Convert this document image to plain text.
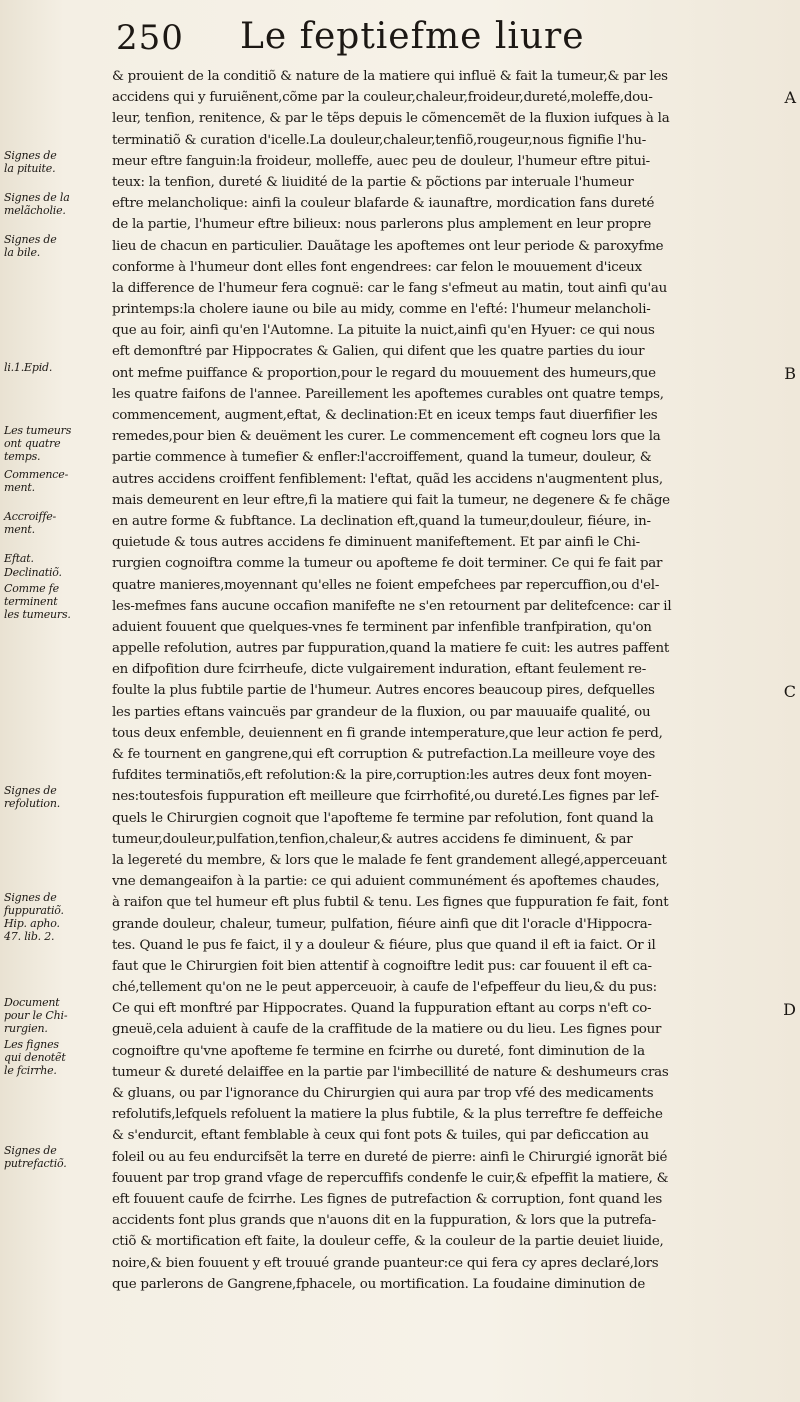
250 Le feptiefme liure
Signes de
la pituite.
Signes de la
melãcholie.
Signes de
la bile.
li.1.Epid.
Les tumeurs
ont quatre
temps.
Commence-
ment.
Accroiffe-
ment.
Eftat.
Declinatiõ.
Comme fe
terminent
les tumeurs.
Signes de
refolution.
Signes de
fuppuratiõ.
Hip. apho.
47. lib. 2.
Document
pour le Chi-
rurgien.
Les fignes
qui denotẽt
le fcirrhe.
Signes de
putrefactiõ.
A
B
C
D
& prouient de la conditiõ & nature de la matiere qui influë & fait la tumeur,& par les
accidens qui y furuiẽnent,cõme par la couleur,chaleur,froideur,dureté,moleffe,dou-
leur, tenfion, renitence, & par le tẽps depuis le cõmencemẽt de la fluxion iufques à la
terminatiõ & curation d'icelle.La douleur,chaleur,tenfiõ,rougeur,nous fignifie l'hu-
meur eftre fanguin:la froideur, molleffe, auec peu de douleur, l'humeur eftre pitui-
teux: la tenfion, dureté & liuidité de la partie & põctions par interuale l'humeur
eftre melancholique: ainfi la couleur blafarde & iaunaftre, mordication fans dureté
de la partie, l'humeur eftre bilieux: nous parlerons plus amplement en leur propre
lieu de chacun en particulier. Dauãtage les apoftemes ont leur periode & paroxyfme
conforme à l'humeur dont elles font engendrees: car felon le mouuement d'iceux
la difference de l'humeur fera cognuë: car le fang s'efmeut au matin, tout ainfi qu'au
printemps:la cholere iaune ou bile au midy, comme en l'efté: l'humeur melancholi-
que au foir, ainfi qu'en l'Automne. La pituite la nuict,ainfi qu'en Hyuer: ce qui nous
eft demonftré par Hippocrates & Galien, qui difent que les quatre parties du iour
ont mefme puiffance & proportion,pour le regard du mouuement des humeurs,que
les quatre faifons de l'annee. Pareillement les apoftemes curables ont quatre temps,
commencement, augment,eftat, & declination:Et en iceux temps faut diuerfifier les
remedes,pour bien & deuëment les curer. Le commencement eft cogneu lors que la
partie commence à tumefier & enfler:l'accroiffement, quand la tumeur, douleur, &
autres accidens croiffent fenfiblement: l'eftat, quãd les accidens n'augmentent plus,
mais demeurent en leur eftre,fi la matiere qui fait la tumeur, ne degenere & fe chãge
en autre forme & fubftance. La declination eft,quand la tumeur,douleur, fiéure, in-
quietude & tous autres accidens fe diminuent manifeftement. Et par ainfi le Chi-
rurgien cognoiftra comme la tumeur ou apofteme fe doit terminer. Ce qui fe fait par
quatre manieres,moyennant qu'elles ne foient empefchees par repercuffion,ou d'el-
les-mefmes fans aucune occafion manifefte ne s'en retournent par delitefcence: car il
aduient fouuent que quelques-vnes fe terminent par infenfible tranfpiration, qu'on
appelle refolution, autres par fuppuration,quand la matiere fe cuit: les autres paffent
en difpofition dure fcirrheufe, dicte vulgairement induration, eftant feulement re-
foulte la plus fubtile partie de l'humeur. Autres encores beaucoup pires, defquelles
les parties eftans vaincuës par grandeur de la fluxion, ou par mauuaife qualité, ou
tous deux enfemble, deuiennent en fi grande intemperature,que leur action fe perd,
& fe tournent en gangrene,qui eft corruption & putrefaction.La meilleure voye des
fufdites terminatiõs,eft refolution:& la pire,corruption:les autres deux font moyen-
nes:toutesfois fuppuration eft meilleure que fcirrhofité,ou dureté.Les fignes par lef-
quels le Chirurgien cognoit que l'apofteme fe termine par refolution, font quand la
tumeur,douleur,pulfation,tenfion,chaleur,& autres accidens fe diminuent, & par
la legereté du membre, & lors que le malade fe fent grandement allegé,apperceuant
vne demangeaifon à la partie: ce qui aduient communément és apoftemes chaudes,
à raifon que tel humeur eft plus fubtil & tenu. Les fignes que fuppuration fe fait, font
grande douleur, chaleur, tumeur, pulfation, fiéure ainfi que dit l'oracle d'Hippocra-
tes. Quand le pus fe faict, il y a douleur & fiéure, plus que quand il eft ia faict. Or il
faut que le Chirurgien foit bien attentif à cognoiftre ledit pus: car fouuent il eft ca-
ché,tellement qu'on ne le peut apperceuoir, à caufe de l'efpeffeur du lieu,& du pus:
Ce qui eft monftré par Hippocrates. Quand la fuppuration eftant au corps n'eft co-
gneuë,cela aduient à caufe de la craffitude de la matiere ou du lieu. Les fignes pour
cognoiftre qu'vne apofteme fe termine en fcirrhe ou dureté, font diminution de la
tumeur & dureté delaiffee en la partie par l'imbecillité de nature & deshumeurs cras
& gluans, ou par l'ignorance du Chirurgien qui aura par trop vfé des medicaments
refolutifs,lefquels refoluent la matiere la plus fubtile, & la plus terreftre fe deffeiche
& s'endurcit, eftant femblable à ceux qui font pots & tuiles, qui par deficcation au
foleil ou au feu endurcifsẽt la terre en dureté de pierre: ainfi le Chirurgié ignorãt bié
fouuent par trop grand vfage de repercuffifs condenfe le cuir,& efpeffit la matiere, &
eft fouuent caufe de fcirrhe. Les fignes de putrefaction & corruption, font quand les
accidents font plus grands que n'auons dit en la fuppuration, & lors que la putrefa-
ctiõ & mortification eft faite, la douleur ceffe, & la couleur de la partie deuiet liuide,
noire,& bien fouuent y eft trouué grande puanteur:ce qui fera cy apres declaré,lors
que parlerons de Gangrene,fphacele, ou mortification. La foudaine diminution de
